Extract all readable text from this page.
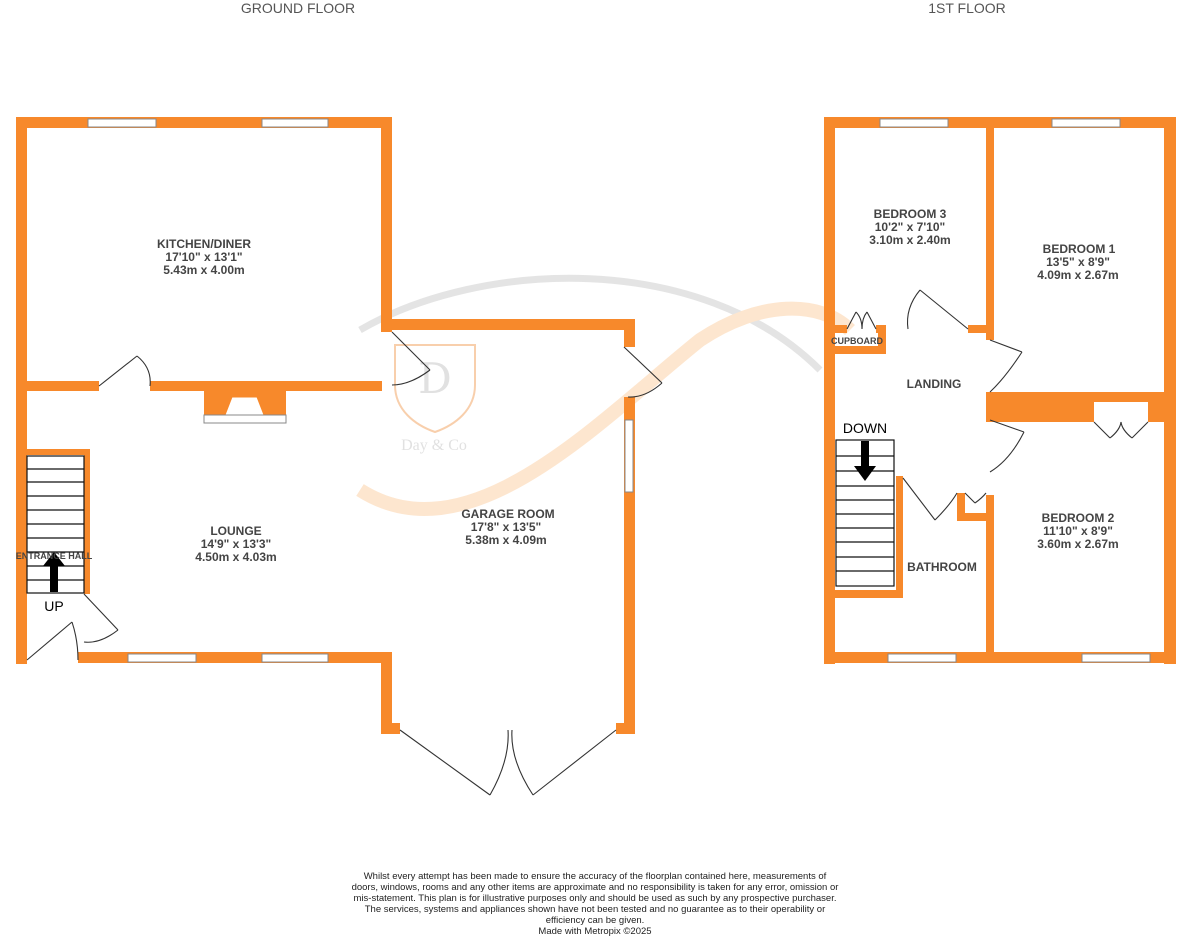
D
Day & Co
GROUND FLOOR	1ST FLOOR
UP
ENTRANCE HALL
KITCHEN/DINER
17'10" x 13'1"
5.43m x 4.00m
LOUNGE
14'9" x 13'3"
4.50m x 4.03m
GARAGE ROOM
17'8" x 13'5"
5.38m x 4.09m
CUPBOARD
DOWN
BEDROOM 3
10'2" x 7'10"
3.10m x 2.40m
BEDROOM 1
13'5" x 8'9"
4.09m x 2.67m
LANDING
BEDROOM 2
11'10" x 8'9"
3.60m x 2.67m
BATHROOM
Whilst every attempt has been made to ensure the accuracy of the floorplan contained here, measurements of doors, windows, rooms and any other items are approximate and no responsibility is taken for any error, omission or mis-statement. This plan is for illustrative purposes only and should be used as such by any prospective purchaser. The services, systems and appliances shown have not been tested and no guarantee as to their operability or efficiency can be given.
Made with Metropix ©2025
